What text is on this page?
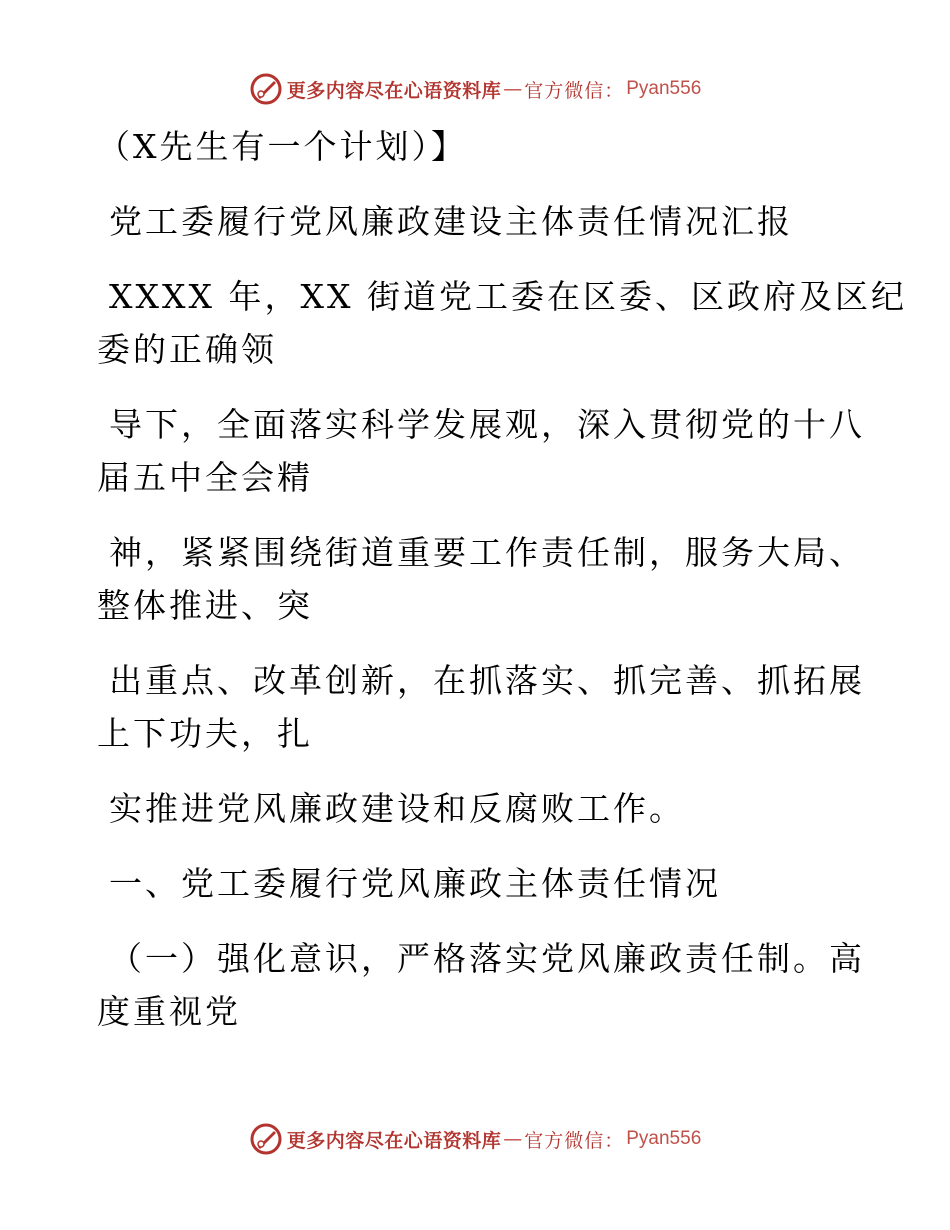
更多内容尽在心语资料库 — 官方微信： Pyan556
（X先生有一个计划）】
党工委履行党风廉政建设主体责任情况汇报
XXXX 年，XX 街道党工委在区委、区政府及区纪
委的正确领
导下，全面落实科学发展观，深入贯彻党的十八
届五中全会精
神，紧紧围绕街道重要工作责任制，服务大局、
整体推进、突
出重点、改革创新，在抓落实、抓完善、抓拓展
上下功夫，扎
实推进党风廉政建设和反腐败工作。
一、党工委履行党风廉政主体责任情况
（一）强化意识，严格落实党风廉政责任制。高
度重视党
更多内容尽在心语资料库 — 官方微信： Pyan556
